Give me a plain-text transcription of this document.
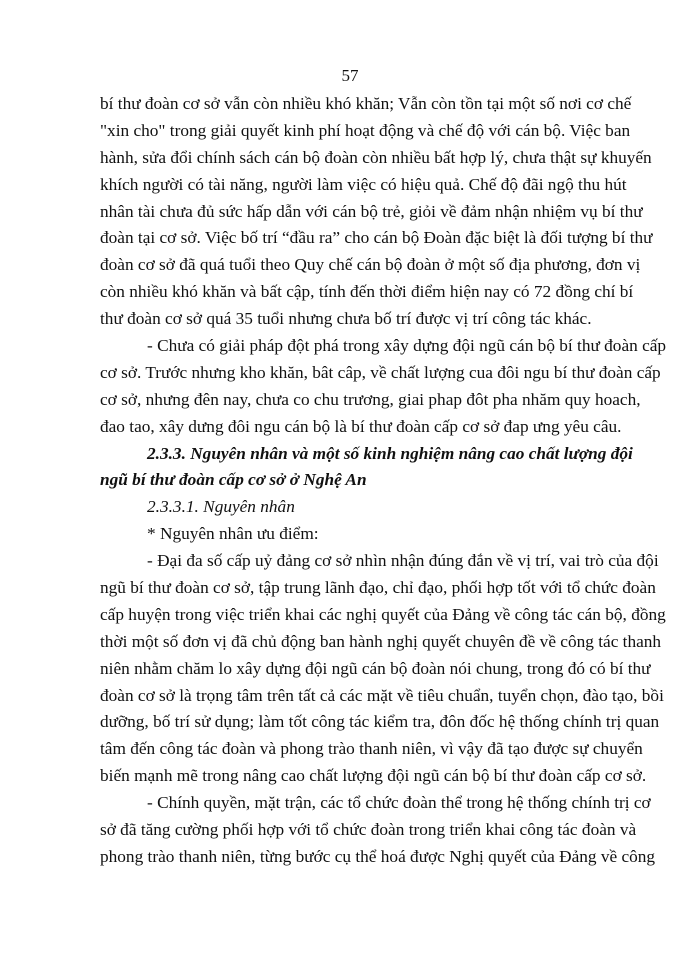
57
bí thư đoàn cơ sở vẫn còn nhiều khó khăn; Vẫn còn tồn tại một số nơi cơ chế
"xin cho" trong giải quyết kinh phí hoạt động và chế độ với cán bộ. Việc ban
hành, sửa đổi chính sách cán bộ đoàn còn nhiều bất hợp lý, chưa thật sự khuyến
khích người có tài năng, người làm việc có hiệu quả. Chế độ đãi ngộ thu hút
nhân tài chưa đủ sức hấp dẫn với cán bộ trẻ, giỏi về đảm nhận nhiệm vụ bí thư
đoàn tại cơ sở. Việc bố trí “đầu ra” cho cán bộ Đoàn đặc biệt là đối tượng bí thư
đoàn cơ sở đã quá tuổi theo Quy chế cán bộ đoàn ở một số địa phương, đơn vị
còn nhiều khó khăn và bất cập, tính đến thời điểm hiện nay có 72 đồng chí bí
thư đoàn cơ sở quá 35 tuổi nhưng chưa bố trí được vị trí công tác khác.
- Chưa có giải pháp đột phá trong xây dựng đội ngũ cán bộ bí thư đoàn cấp
cơ sở. Trước nhưng kho khăn, bât câp, về chất lượng cua đôi ngu bí thư đoàn cấp
cơ sở, nhưng đên nay, chưa co chu trương, giai phap đôt pha nhăm quy hoach,
đao tao, xây dưng đôi ngu cán bộ là bí thư đoàn cấp cơ sở đap ưng yêu câu.
2.3.3. Nguyên nhân và một số kinh nghiệm nâng cao chất lượng đội
ngũ bí thư đoàn cấp cơ sở ở Nghệ An
2.3.3.1. Nguyên nhân
* Nguyên nhân ưu điểm:
- Đại đa số cấp uỷ đảng cơ sở nhìn nhận đúng đắn về vị trí, vai trò của đội
ngũ bí thư đoàn cơ sở, tập trung lãnh đạo, chỉ đạo, phối hợp tốt với tổ chức đoàn
cấp huyện trong việc triển khai các nghị quyết của Đảng về công tác cán bộ, đồng
thời một số đơn vị đã chủ động ban hành nghị quyết chuyên đề về công tác thanh
niên nhằm chăm lo xây dựng đội ngũ cán bộ đoàn nói chung, trong đó có bí thư
đoàn cơ sở là trọng tâm trên tất cả các mặt về tiêu chuẩn, tuyển chọn, đào tạo, bồi
dưỡng, bố trí sử dụng; làm tốt công tác kiểm tra, đôn đốc hệ thống chính trị quan
tâm đến công tác đoàn và phong trào thanh niên, vì vậy đã tạo được sự chuyển
biến mạnh mẽ trong nâng cao chất lượng đội ngũ cán bộ bí thư đoàn cấp cơ sở.
- Chính quyền, mặt trận, các tổ chức đoàn thể trong hệ thống chính trị cơ
sở đã tăng cường phối hợp với tổ chức đoàn trong triển khai công tác đoàn và
phong trào thanh niên, từng bước cụ thể hoá được Nghị quyết của Đảng về công
